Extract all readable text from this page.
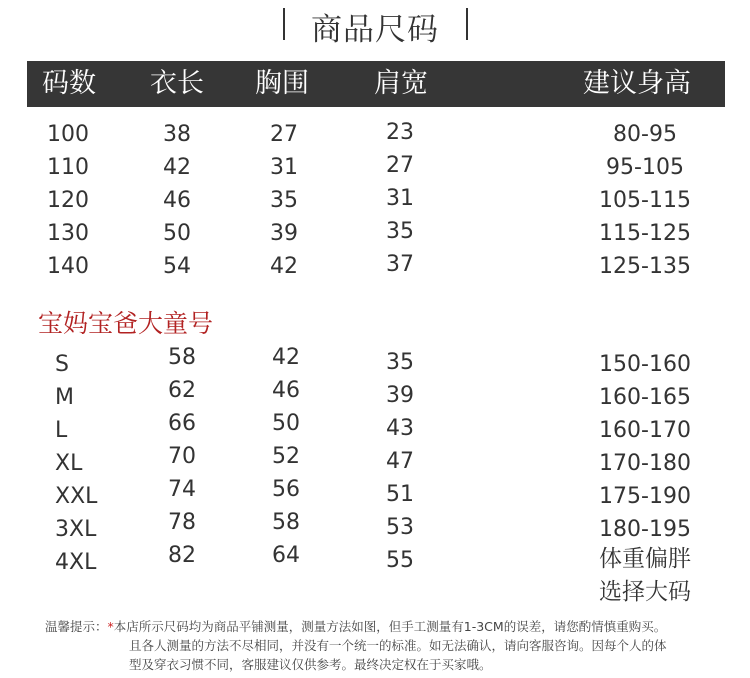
商品尺码
码数 衣长 胸围 肩宽	建议身高
100	38	27	23	80-95
110	42	31	27	95-105
120	46	35	31	105-115
130	50	39	35	115-125
140	54	42	37	125-135
宝妈宝爸大童号
S	58	42	35	150-160
M	62	46	39	160-165
L	66	50	43	160-170
XL	70	52	47	170-180
XXL	74	56	51	175-190
3XL	78	58	53	180-195
4XL	82	64	55	体重偏胖
选择大码
温馨提示：*本店所示尺码均为商品平铺测量，测量方法如图，但手工测量有1-3CM的误差，请您酌情慎重购买。
且各人测量的方法不尽相同，并没有一个统一的标准。如无法确认，请向客服咨询。因每个人的体
型及穿衣习惯不同，客服建议仅供参考。最终决定权在于买家哦。
